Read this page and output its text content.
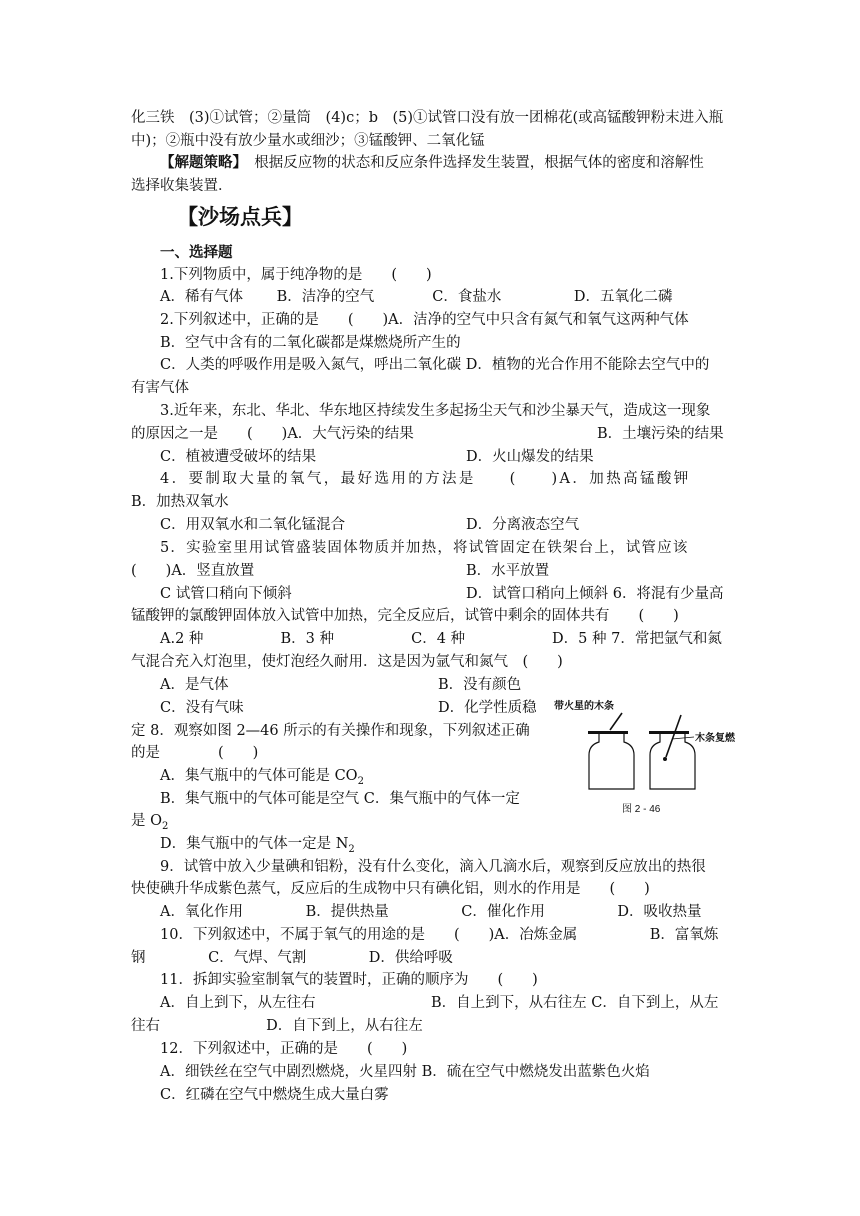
化三铁　(3)①试管；②量筒　(4)c；b　(5)①试管口没有放一团棉花(或高锰酸钾粉末进入瓶
中)；②瓶中没有放少量水或细沙；③锰酸钾、二氧化锰
【解题策略】　根据反应物的状态和反应条件选择发生装置，根据气体的密度和溶解性
选择收集装置．
【沙场点兵】
一、选择题
1.下列物质中，属于纯净物的是　　(　　)
A．稀有气体　　 B．洁净的空气　　　　C．食盐水　　　　　D．五氧化二磷
2.下列叙述中，正确的是　　(　　)A．洁净的空气中只含有氮气和氧气这两种气体
B．空气中含有的二氧化碳都是煤燃烧所产生的
C．人类的呼吸作用是吸入氮气，呼出二氧化碳 D．植物的光合作用不能除去空气中的
有害气体
3.近年来，东北、华北、华东地区持续发生多起扬尘天气和沙尘暴天气，造成这一现象
的原因之一是　　(　　)A．大气污染的结果	B．土壤污染的结果
C．植被遭受破坏的结果	D．火山爆发的结果
4．要制取大量的氧气，最好选用的方法是　　(　　)A．加热高锰酸钾
B．加热双氧水
C．用双氧水和二氧化锰混合	D．分离液态空气
5．实验室里用试管盛装固体物质并加热，将试管固定在铁架台上，试管应该
(　　)A．竖直放置	B．水平放置
C 试管口稍向下倾斜	D．试管口稍向上倾斜 6．将混有少量高
锰酸钾的氯酸钾固体放入试管中加热，完全反应后，试管中剩余的固体共有　　(　　)
A.2 种　　　　　 B．3 种　　　　　 C．4 种　　　　　　D．5 种 7．常把氩气和氮
气混合充入灯泡里，使灯泡经久耐用．这是因为氩气和氮气　(　　)
A．是气体	B．没有颜色
C．没有气味	D．化学性质稳
定 8．观察如图 2—46 所示的有关操作和现象，下列叙述正确
的是　　　　(　　)
A．集气瓶中的气体可能是 $CO_2$
B．集气瓶中的气体可能是空气 C．集气瓶中的气体一定
是 $O_2$
D．集气瓶中的气体一定是 $N_2$
9．试管中放入少量碘和铝粉，没有什么变化，滴入几滴水后，观察到反应放出的热很
快使碘升华成紫色蒸气，反应后的生成物中只有碘化铝，则水的作用是　　(　　)
A．氧化作用　　　　 B．提供热量　　　　　C．催化作用　　　　　D．吸收热量
10．下列叙述中，不属于氧气的用途的是　　(　　)A．冶炼金属　　　　　B．富氧炼
钢　　　　 C．气焊、气割　　　　 D．供给呼吸
11．拆卸实验室制氧气的装置时，正确的顺序为　　(　　)
A．自上到下，从左往右	B．自上到下，从右往左 C．自下到上，从左
往右　　　　　　　 D．自下到上，从右往左
12．下列叙述中，正确的是　　(　　)
A．细铁丝在空气中剧烈燃烧，火星四射 B．硫在空气中燃烧发出蓝紫色火焰
C．红磷在空气中燃烧生成大量白雾
带火星的木条
木条复燃
图 2 - 46
